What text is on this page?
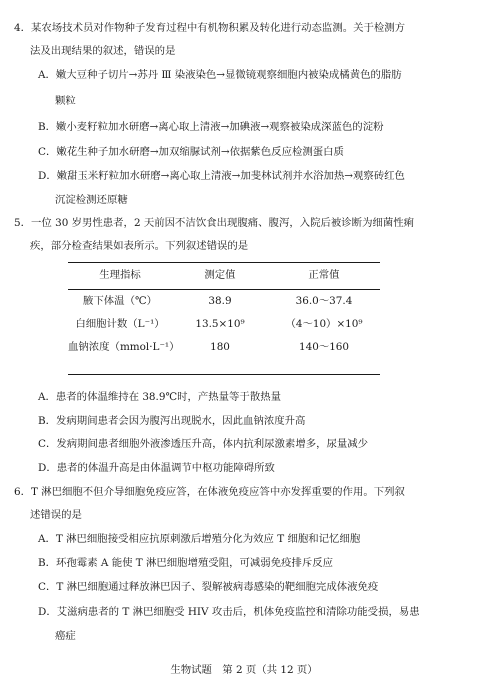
4．某农场技术员对作物种子发育过程中有机物积累及转化进行动态监测。关于检测方
法及出现结果的叙述，错误的是
A．嫩大豆种子切片→苏丹 Ⅲ 染液染色→显微镜观察细胞内被染成橘黄色的脂肪
颗粒
B．嫩小麦籽粒加水研磨→离心取上清液→加碘液→观察被染成深蓝色的淀粉
C．嫩花生种子加水研磨→加双缩脲试剂→依据紫色反应检测蛋白质
D．嫩甜玉米籽粒加水研磨→离心取上清液→加斐林试剂并水浴加热→观察砖红色
沉淀检测还原糖
5．一位 30 岁男性患者，2 天前因不洁饮食出现腹痛、腹泻，入院后被诊断为细菌性痢
疾，部分检查结果如表所示。下列叙述错误的是
生理指标	测定值	正常值
腋下体温（℃）	38.9	36.0～37.4
白细胞计数（L⁻¹）	13.5×10⁹	（4～10）×10⁹
血钠浓度（mmol·L⁻¹）	180	140～160
A．患者的体温维持在 38.9℃时，产热量等于散热量
B．发病期间患者会因为腹泻出现脱水，因此血钠浓度升高
C．发病期间患者细胞外液渗透压升高，体内抗利尿激素增多，尿量减少
D．患者的体温升高是由体温调节中枢功能障碍所致
6．T 淋巴细胞不但介导细胞免疫应答，在体液免疫应答中亦发挥重要的作用。下列叙
述错误的是
A．T 淋巴细胞接受相应抗原刺激后增殖分化为效应 T 细胞和记忆细胞
B．环孢霉素 A 能使 T 淋巴细胞增殖受阻，可减弱免疫排斥反应
C．T 淋巴细胞通过释放淋巴因子、裂解被病毒感染的靶细胞完成体液免疫
D．艾滋病患者的 T 淋巴细胞受 HIV 攻击后，机体免疫监控和清除功能受损，易患
癌症
生物试题　第 2 页（共 12 页）
